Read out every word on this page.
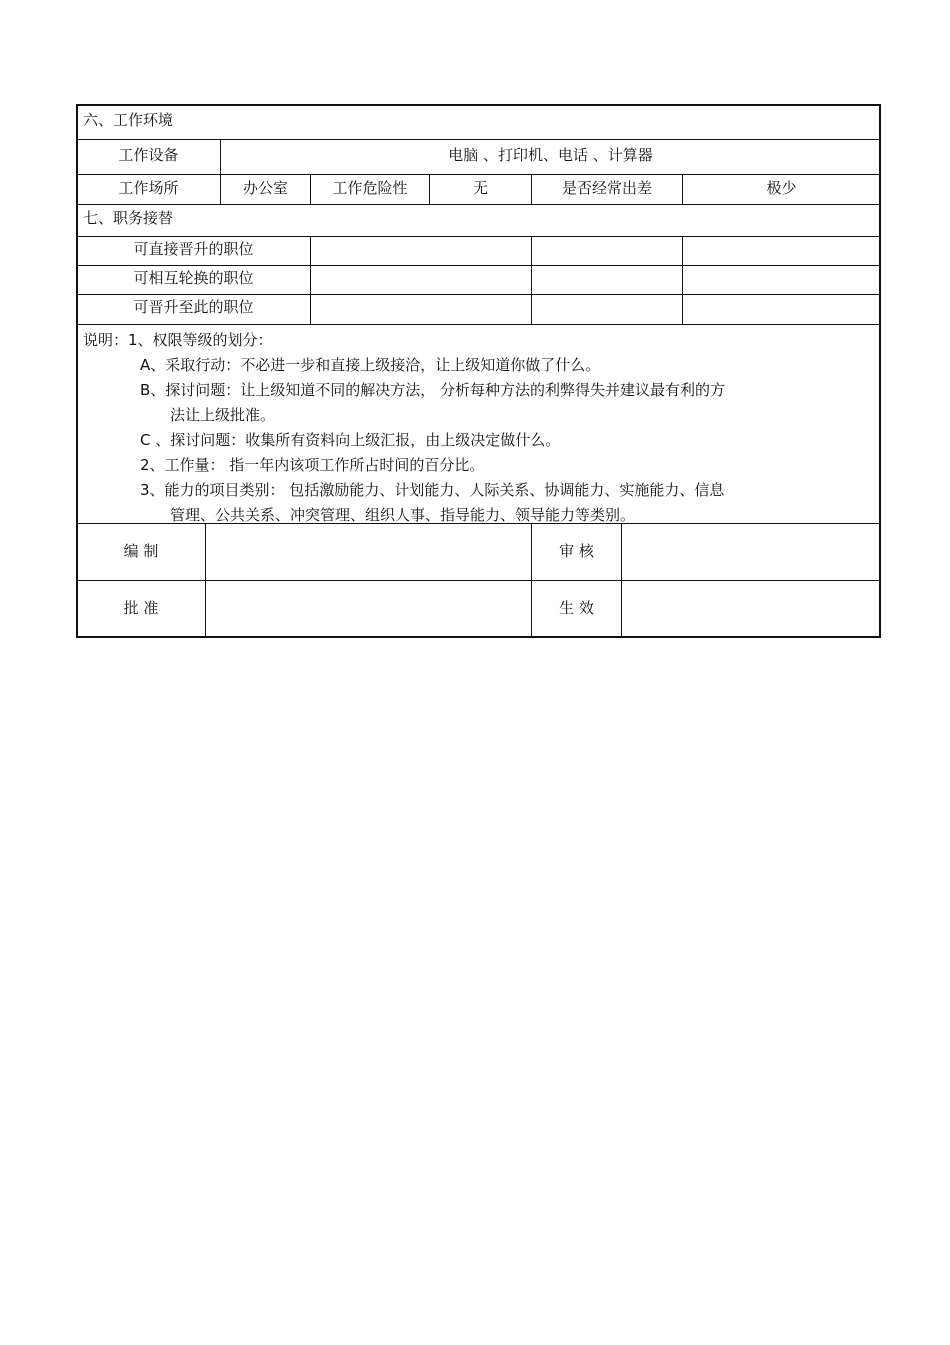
六、工作环境
工作设备	电脑 、打印机、电话 、计算器
工作场所	办公室	工作危险性	无	是否经常出差	极少
七、职务接替
可直接晋升的职位
可相互轮换的职位
可晋升至此的职位
说明：1、权限等级的划分：
A、采取行动：不必进一步和直接上级接洽，让上级知道你做了什么。
B、探讨问题：让上级知道不同的解决方法， 分析每种方法的利弊得失并建议最有利的方
法让上级批准。
C 、探讨问题：收集所有资料向上级汇报，由上级决定做什么。
2、工作量： 指一年内该项工作所占时间的百分比。
3、能力的项目类别： 包括激励能力、计划能力、人际关系、协调能力、实施能力、信息
管理、公共关系、冲突管理、组织人事、指导能力、领导能力等类别。
编 制	审 核
批 准	生 效
